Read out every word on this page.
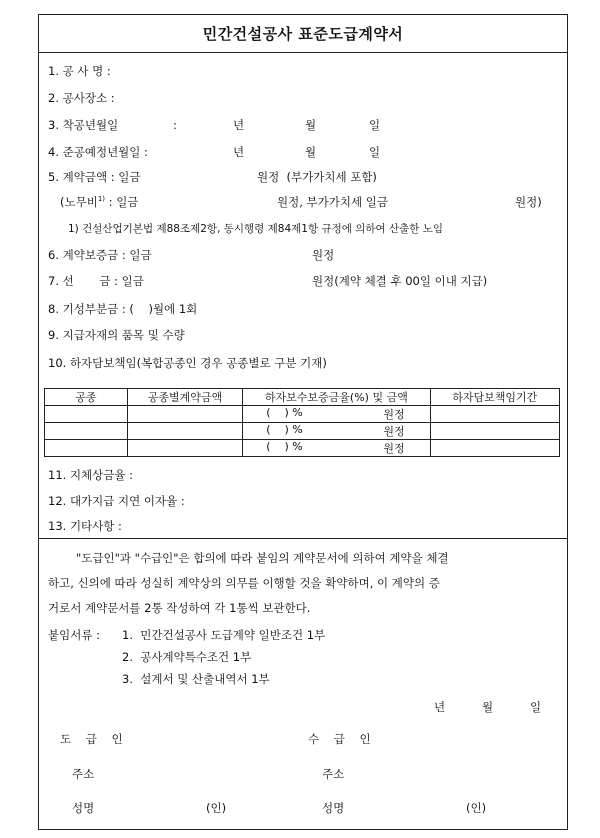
민간건설공사 표준도급계약서
1. 공 사 명 :
2. 공사장소 :
3. 착공년월일	:	년	월	일
4. 준공예정년월일 :	년	월	일
5. 계약금액 : 일금	원정  (부가가치세 포함)
(노무비$^{1)}$ : 일금	원정, 부가가치세 일금	원정)
1) 건설산업기본법 제88조제2항, 동시행령 제84제1항 규정에 의하여 산출한 노임
6. 계약보증금 : 일금	원정
7. 선       금 : 일금	원정(계약 체결 후 00일 이내 지급)
8. 기성부분금 : (    )월에 1회
9. 지급자재의 품목 및 수량
10. 하자담보책임(복합공종인 경우 공종별로 구분 기재)
공종	공종별계약금액	하자보수보증금율(%) 및 금액	하자담보책임기간

		(    ) % 원정	

		(    ) % 원정	

		(    ) % 원정	

11. 지체상금율 :
12. 대가지급 지연 이자율 :
13. 기타사항 :
"도급인"과 "수급인"은 합의에 따라 붙임의 계약문서에 의하여 계약을 체결
하고, 신의에 따라 성실히 계약상의 의무를 이행할 것을 확약하며, 이 계약의 증
거로서 계약문서를 2통 작성하여 각 1통씩 보관한다.
붙임서류 : 1.  민간건설공사 도급계약 일반조건 1부
2.  공사계약특수조건 1부
3.  설계서 및 산출내역서 1부
년	월	일
도    급    인	수    급    인
주소	주소
성명	(인)	성명	(인)
